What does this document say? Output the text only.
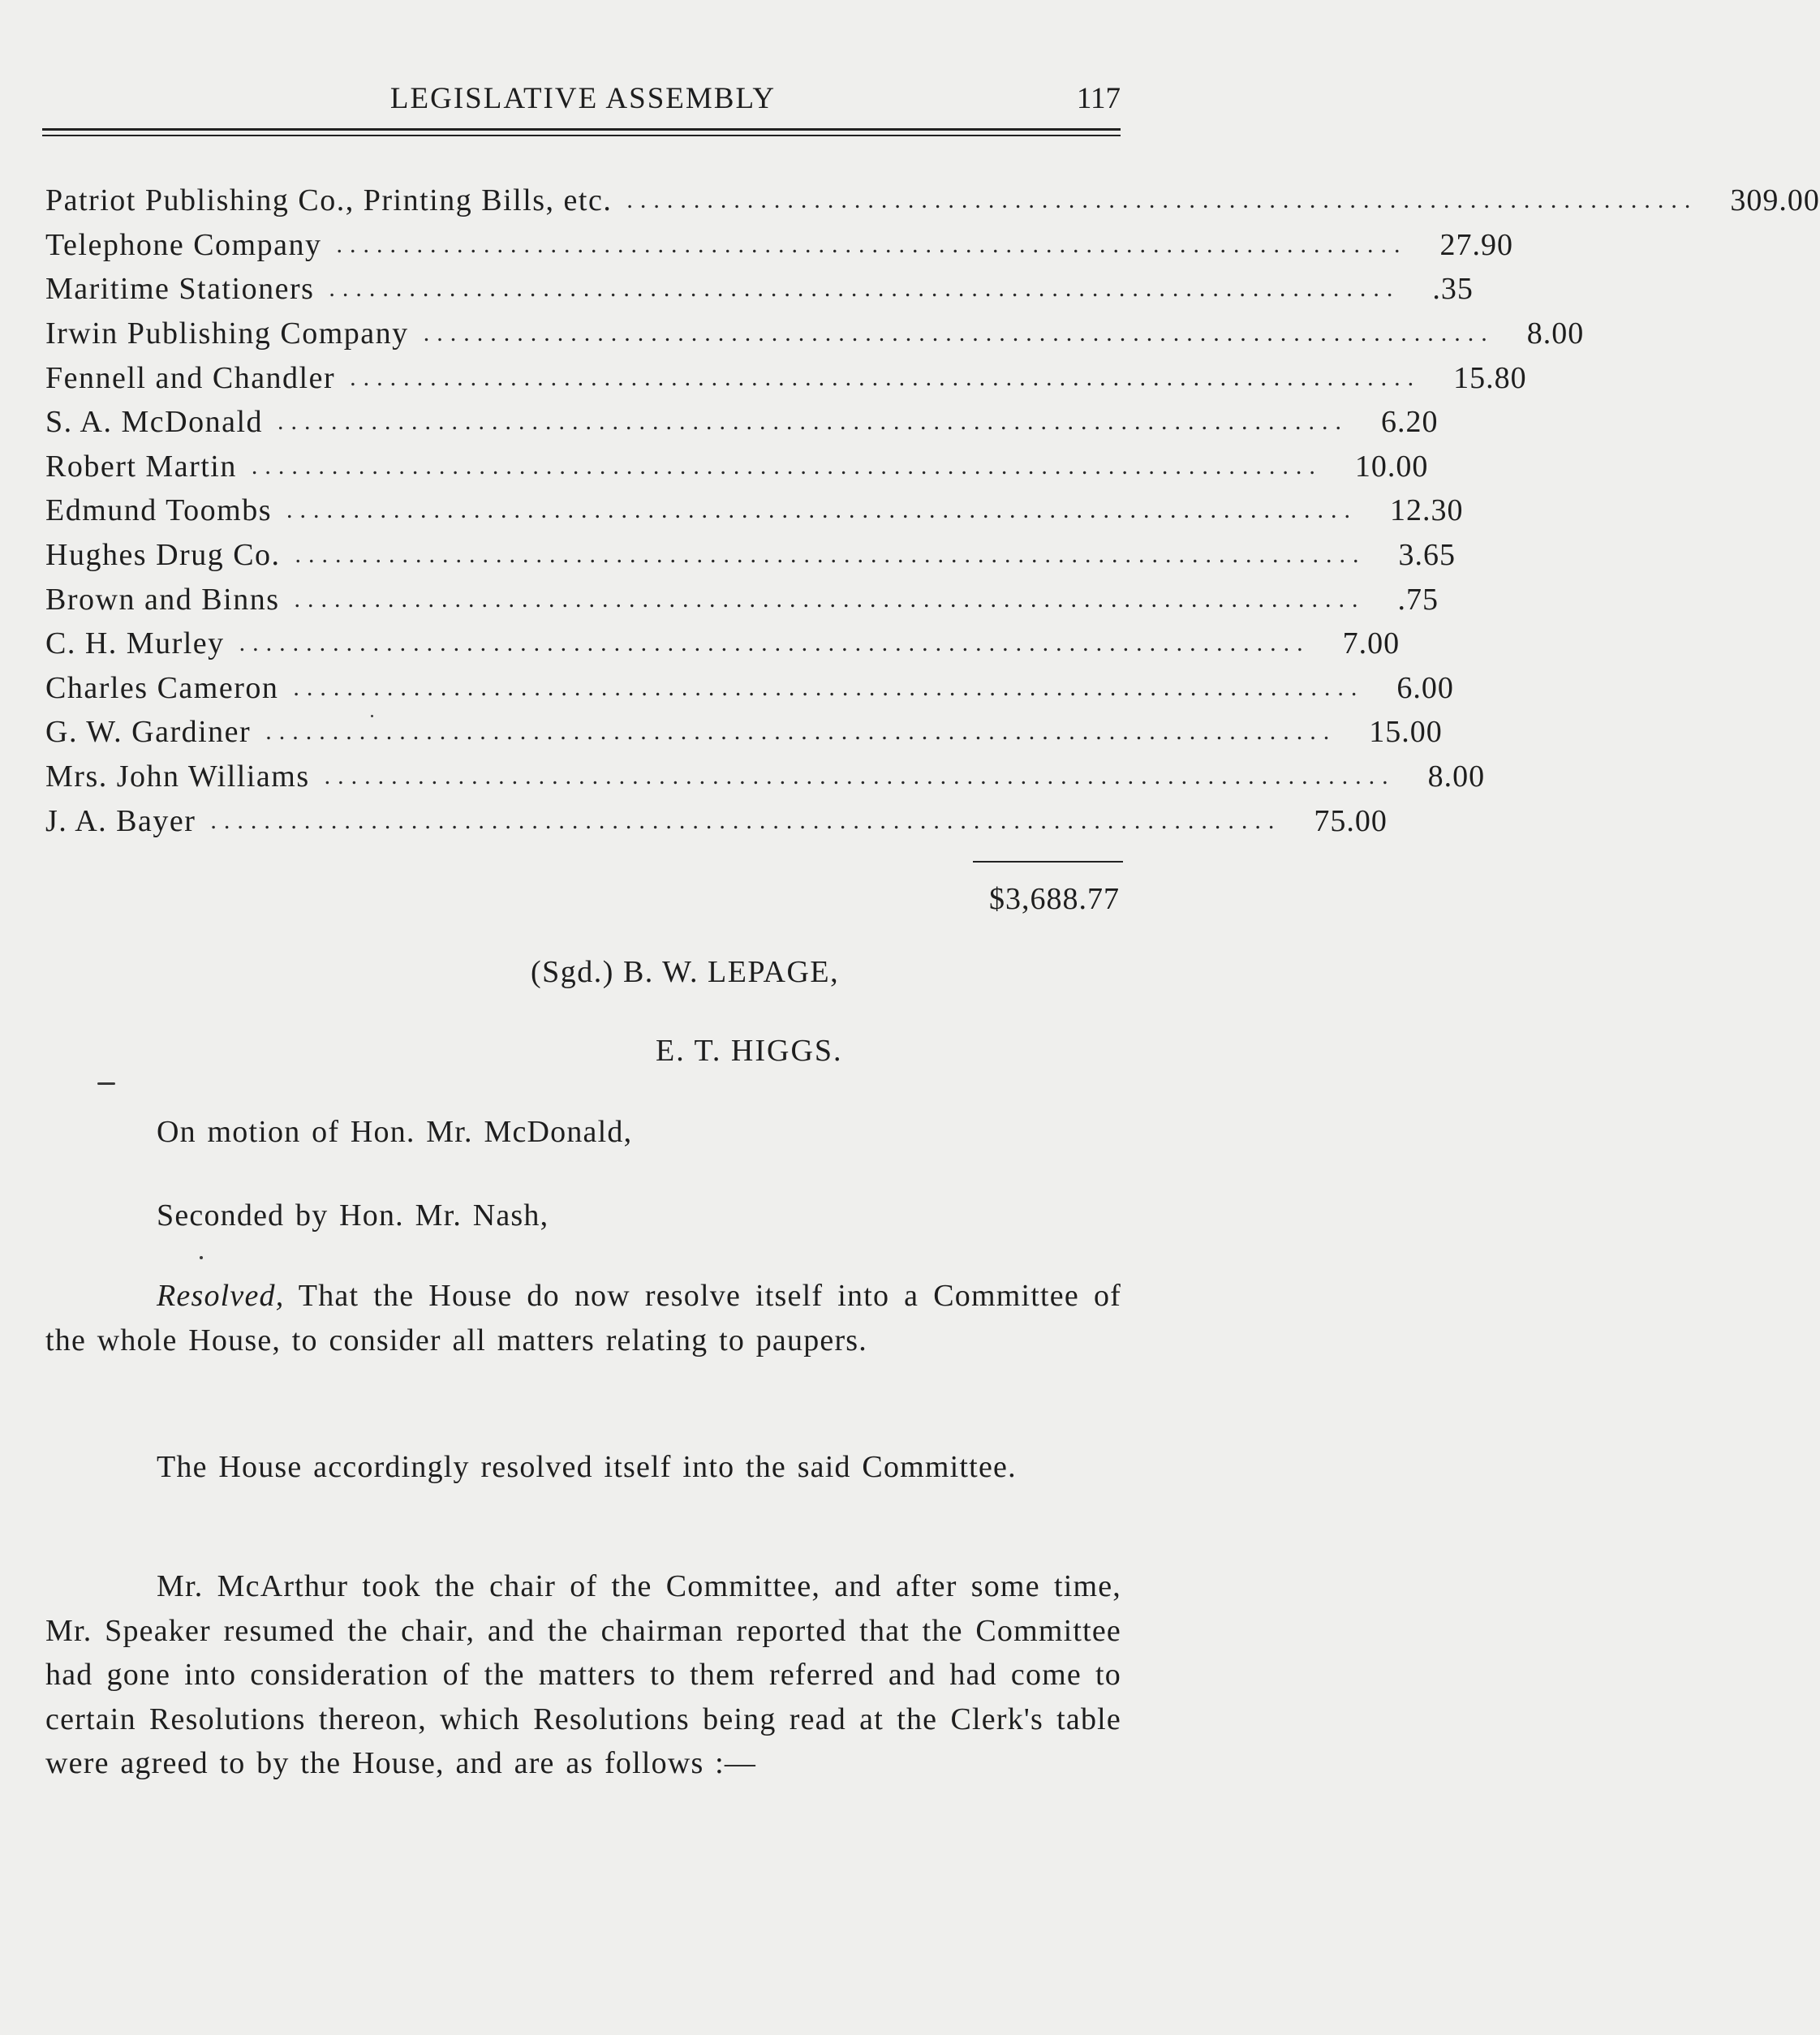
LEGISLATIVE ASSEMBLY	117
Patriot Publishing Co., Printing Bills, etc. ................................................................................ 309.00
Telephone Company ................................................................................ 27.90
Maritime Stationers ................................................................................ .35
Irwin Publishing Company ................................................................................ 8.00
Fennell and Chandler ................................................................................ 15.80
S. A. McDonald ................................................................................ 6.20
Robert Martin ................................................................................ 10.00
Edmund Toombs ................................................................................ 12.30
Hughes Drug Co. ................................................................................ 3.65
Brown and Binns ................................................................................ .75
C. H. Murley ................................................................................ 7.00
Charles Cameron ................................................................................ 6.00
G. W. Gardiner ................................................................................ 15.00
Mrs. John Williams ................................................................................ 8.00
J. A. Bayer ................................................................................ 75.00
$3,688.77
(Sgd.) B. W. LEPAGE,
E. T. HIGGS.
On motion of Hon. Mr. McDonald,
Seconded by Hon. Mr. Nash,
Resolved, That the House do now resolve itself into a Committee of the whole House, to consider all matters relating to paupers.
The House accordingly resolved itself into the said Committee.
Mr. McArthur took the chair of the Committee, and after some time, Mr. Speaker resumed the chair, and the chairman reported that the Committee had gone into consideration of the matters to them referred and had come to certain Resolutions thereon, which Resolutions being read at the Clerk's table were agreed to by the House, and are as follows :—
